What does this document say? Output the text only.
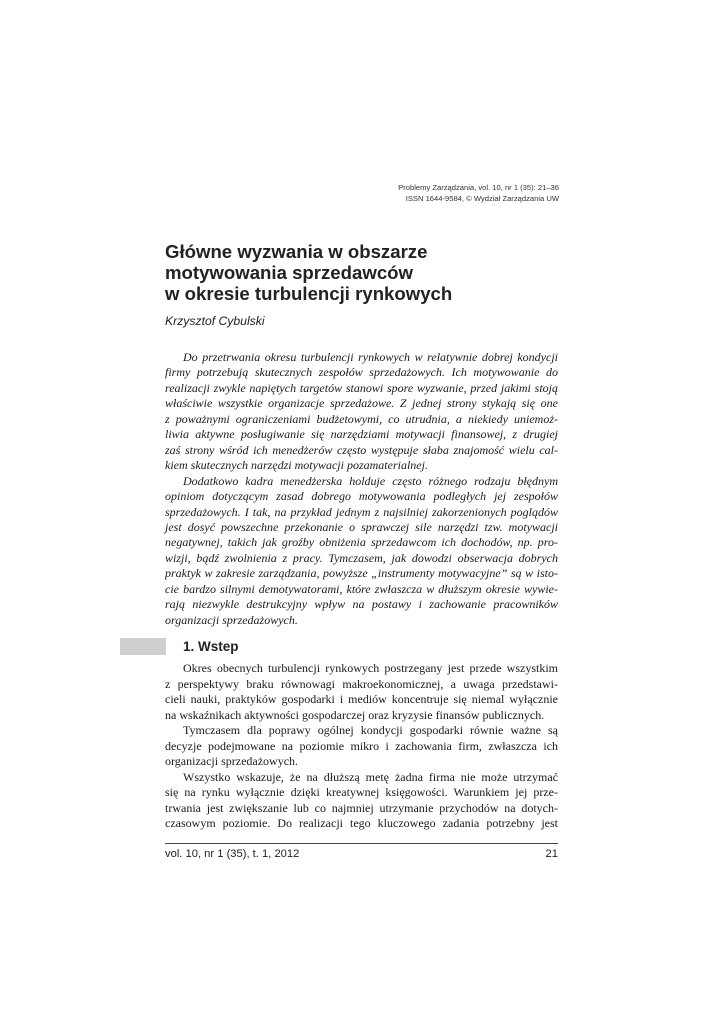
Problemy Zarządzania, vol. 10, nr 1 (35): 21–36
ISSN 1644-9584, © Wydział Zarządzania UW
Główne wyzwania w obszarze
motywowania sprzedawców
w okresie turbulencji rynkowych
Krzysztof Cybulski
Do przetrwania okresu turbulencji rynkowych w relatywnie dobrej kondycji
firmy potrzebują skutecznych zespołów sprzedażowych. Ich motywowanie do
realizacji zwykle napiętych targetów stanowi spore wyzwanie, przed jakimi stoją
właściwie wszystkie organizacje sprzedażowe. Z jednej strony stykają się one
z poważnymi ograniczeniami budżetowymi, co utrudnia, a niekiedy uniemoż-
liwia aktywne posługiwanie się narzędziami motywacji finansowej, z drugiej
zaś strony wśród ich menedżerów często występuje słaba znajomość wielu cal-
kiem skutecznych narzędzi motywacji pozamaterialnej.
Dodatkowo kadra menedżerska holduje często różnego rodzaju błędnym
opiniom dotyczącym zasad dobrego motywowania podległych jej zespołów
sprzedażowych. I tak, na przykład jednym z najsilniej zakorzenionych poglądów
jest dosyć powszechne przekonanie o sprawczej sile narzędzi tzw. motywacji
negatywnej, takich jak groźby obniżenia sprzedawcom ich dochodów, np. pro-
wizji, bądź zwolnienia z pracy. Tymczasem, jak dowodzi obserwacja dobrych
praktyk w zakresie zarządzania, powyższe „instrumenty motywacyjne” są w isto-
cie bardzo silnymi demotywatorami, które zwłaszcza w dłuższym okresie wywie-
rają niezwykle destrukcyjny wpływ na postawy i zachowanie pracowników
organizacji sprzedażowych.
1. Wstep
Okres obecnych turbulencji rynkowych postrzegany jest przede wszystkim
z perspektywy braku równowagi makroekonomicznej, a uwaga przedstawi-
cieli nauki, praktyków gospodarki i mediów koncentruje się niemal wyłącznie
na wskaźnikach aktywności gospodarczej oraz kryzysie finansów publicznych.
Tymczasem dla poprawy ogólnej kondycji gospodarki równie ważne są
decyzje podejmowane na poziomie mikro i zachowania firm, zwłaszcza ich
organizacji sprzedażowych.
Wszystko wskazuje, że na dłuższą metę żadna firma nie może utrzymać
się na rynku wyłącznie dzięki kreatywnej księgowości. Warunkiem jej prze-
trwania jest zwiększanie lub co najmniej utrzymanie przychodów na dotych-
czasowym poziomie. Do realizacji tego kluczowego zadania potrzebny jest
vol. 10, nr 1 (35), t. 1, 2012	21
